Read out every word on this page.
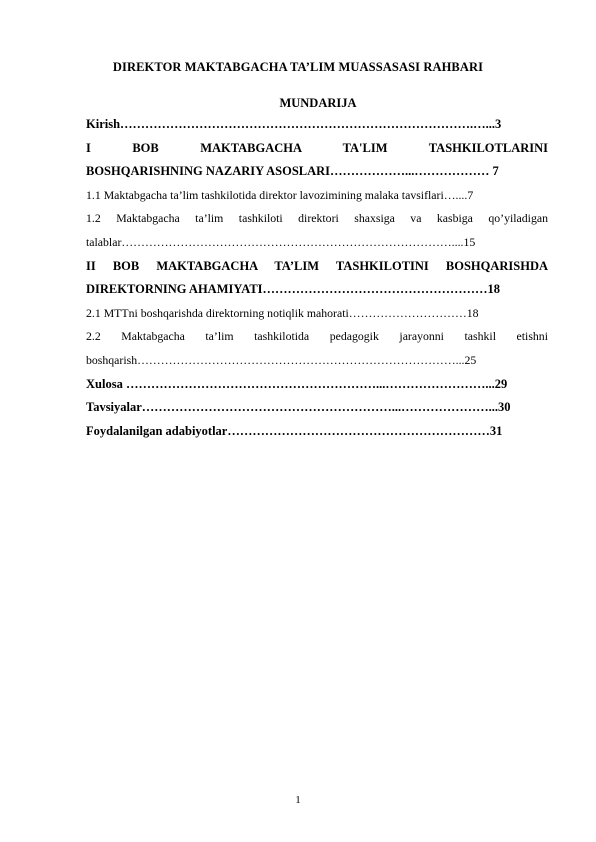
DIREKTOR MAKTABGACHA TA’LIM MUASSASASI RAHBARI
MUNDARIJA
Kirish………………………………………………………………………….…...3
I BOB MAKTABGACHA TA'LIM TASHKILOTLARINI
BOSHQARISHNING NAZARIY ASOSLARI………………...……………… 7
1.1 Maktabgacha ta’lim tashkilotida direktor lavozimining malaka tavsiflari…....7
1.2 Maktabgacha ta’lim tashkiloti direktori shaxsiga va kasbiga qo’yiladigan
talablar…………………………………………………………………………....15
II BOB MAKTABGACHA TA’LIM TASHKILOTINI BOSHQARISHDA
DIREKTORNING AHAMIYATI………………………………………………18
2.1 MTTni boshqarishda direktorning notiqlik mahorati…………………………18
2.2 Maktabgacha ta’lim tashkilotida pedagogik jarayonni tashkil etishni
boshqarish………………………………………………………………………...25
Xulosa ……………………………………………………...……………………...29
Tavsiyalar……………………………………………………...…………………...30
Foydalanilgan adabiyotlar………………………………………………………31
1
